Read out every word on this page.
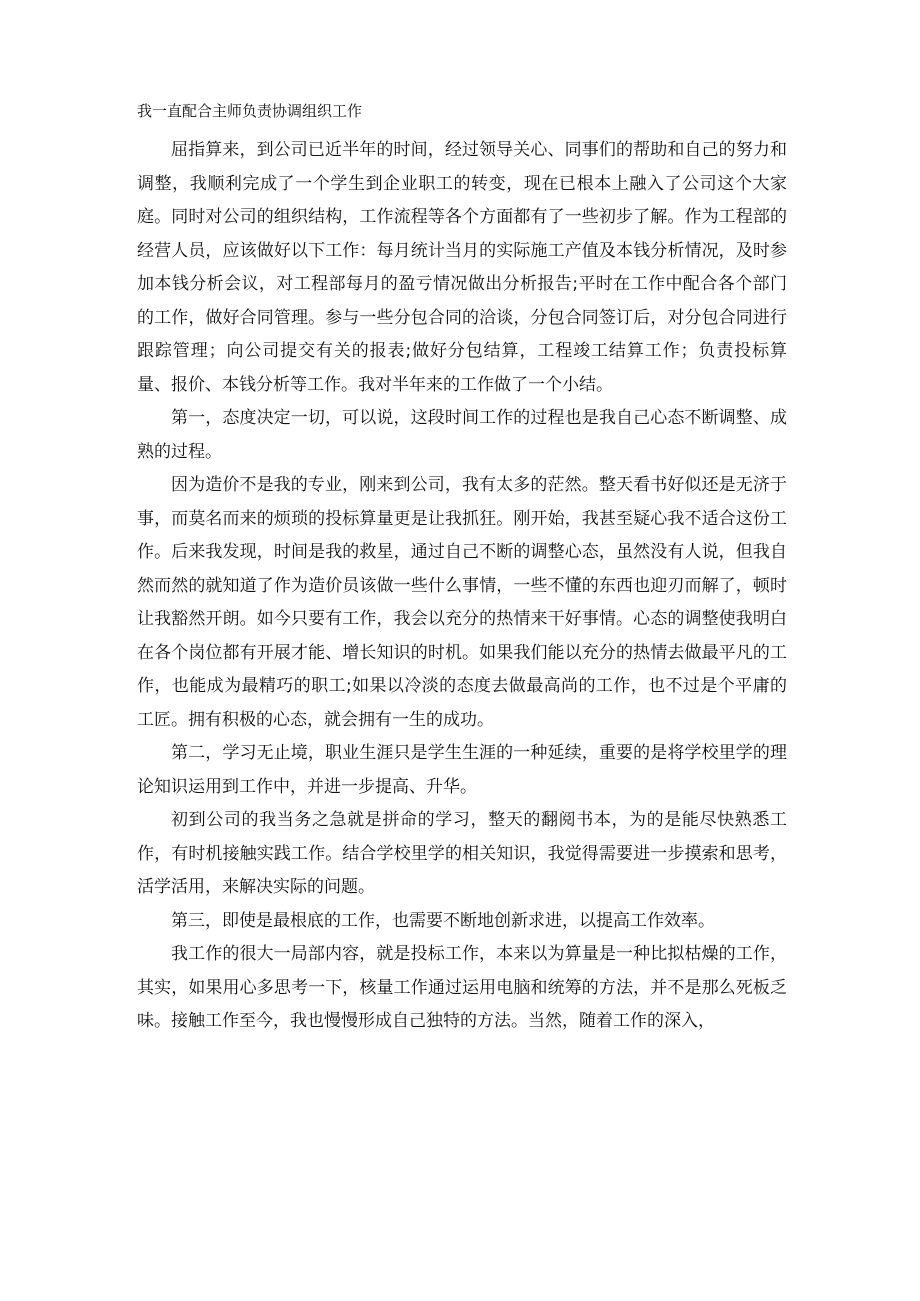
我一直配合主师负责协调组织工作

屈指算来，到公司已近半年的时间，经过领导关心、同事们的帮助和自己的努力和调整，我顺利完成了一个学生到企业职工的转变，现在已根本上融入了公司这个大家庭。同时对公司的组织结构，工作流程等各个方面都有了一些初步了解。作为工程部的经营人员，应该做好以下工作：每月统计当月的实际施工产值及本钱分析情况，及时参加本钱分析会议，对工程部每月的盈亏情况做出分析报告;平时在工作中配合各个部门的工作，做好合同管理。参与一些分包合同的洽谈，分包合同签订后，对分包合同进行跟踪管理；向公司提交有关的报表;做好分包结算，工程竣工结算工作；负责投标算量、报价、本钱分析等工作。我对半年来的工作做了一个小结。

第一，态度决定一切，可以说，这段时间工作的过程也是我自己心态不断调整、成熟的过程。

因为造价不是我的专业，刚来到公司，我有太多的茫然。整天看书好似还是无济于事，而莫名而来的烦琐的投标算量更是让我抓狂。刚开始，我甚至疑心我不适合这份工作。后来我发现，时间是我的救星，通过自己不断的调整心态，虽然没有人说，但我自然而然的就知道了作为造价员该做一些什么事情，一些不懂的东西也迎刃而解了，顿时让我豁然开朗。如今只要有工作，我会以充分的热情来干好事情。心态的调整使我明白在各个岗位都有开展才能、增长知识的时机。如果我们能以充分的热情去做最平凡的工作，也能成为最精巧的职工;如果以冷淡的态度去做最高尚的工作，也不过是个平庸的工匠。拥有积极的心态，就会拥有一生的成功。

第二，学习无止境，职业生涯只是学生生涯的一种延续，重要的是将学校里学的理论知识运用到工作中，并进一步提高、升华。

初到公司的我当务之急就是拼命的学习，整天的翻阅书本，为的是能尽快熟悉工作，有时机接触实践工作。结合学校里学的相关知识，我觉得需要进一步摸索和思考，活学活用，来解决实际的问题。

第三，即使是最根底的工作，也需要不断地创新求进，以提高工作效率。

我工作的很大一局部内容，就是投标工作，本来以为算量是一种比拟枯燥的工作，其实，如果用心多思考一下，核量工作通过运用电脑和统筹的方法，并不是那么死板乏味。接触工作至今，我也慢慢形成自己独特的方法。当然，随着工作的深入，
